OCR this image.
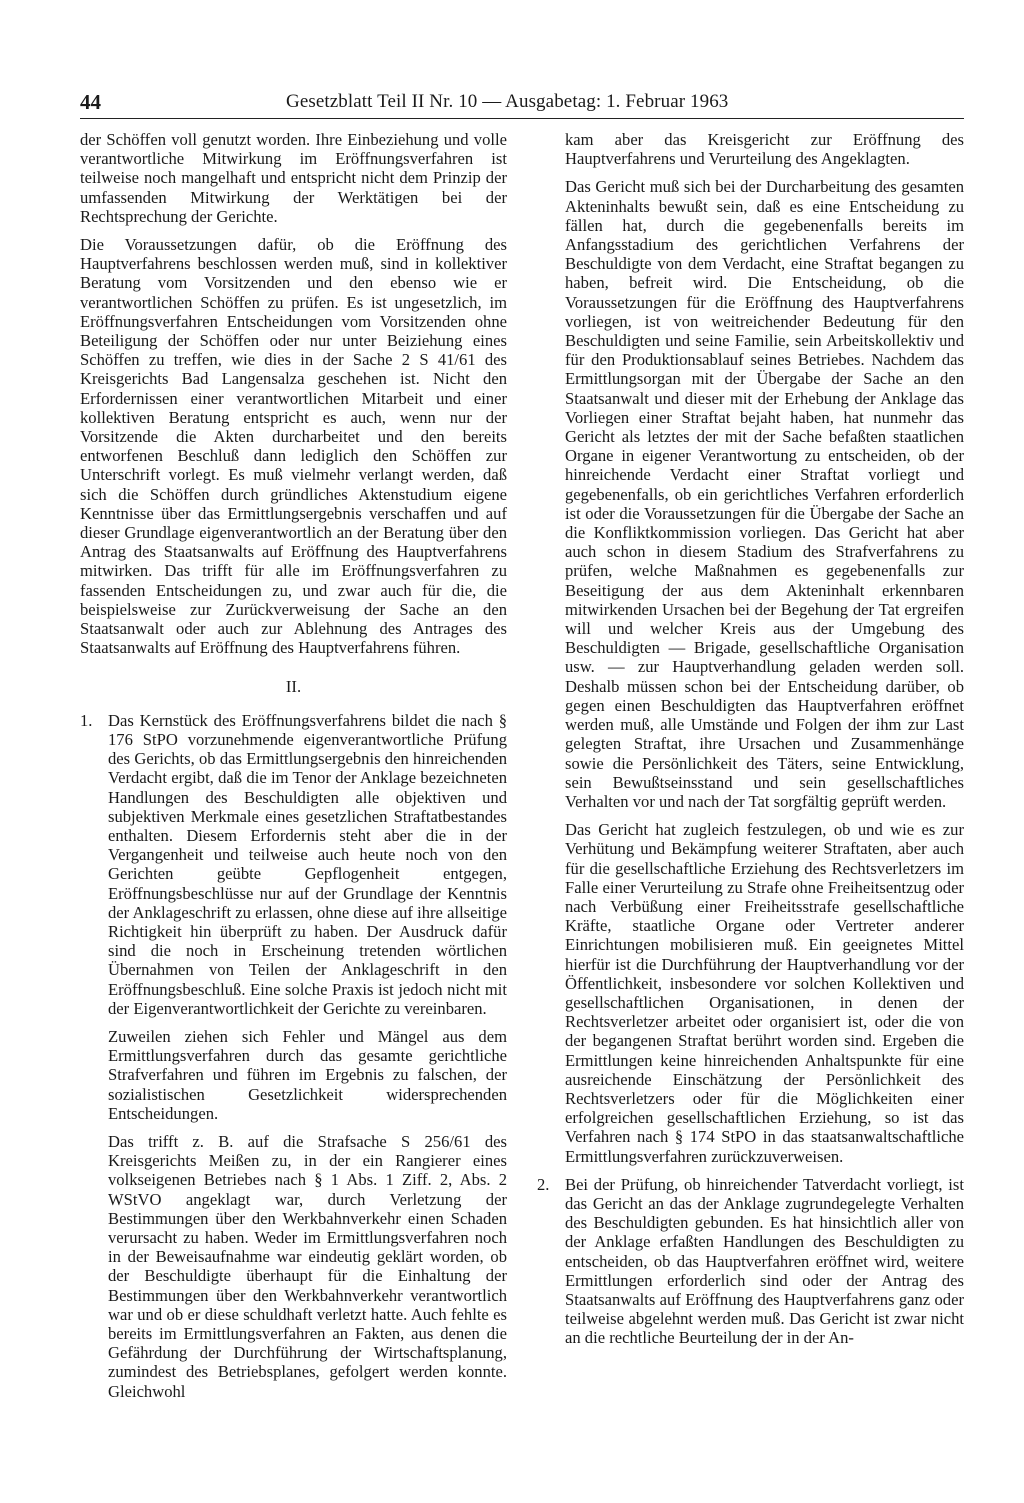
44	Gesetzblatt Teil II Nr. 10 — Ausgabetag: 1. Februar 1963

der Schöffen voll genutzt worden. Ihre Einbeziehung und volle verantwortliche Mitwirkung im Eröffnungsverfahren ist teilweise noch mangelhaft und entspricht nicht dem Prinzip der umfassenden Mitwirkung der Werktätigen bei der Rechtsprechung der Gerichte.

Die Voraussetzungen dafür, ob die Eröffnung des Hauptverfahrens beschlossen werden muß, sind in kollektiver Beratung vom Vorsitzenden und den ebenso wie er verantwortlichen Schöffen zu prüfen. Es ist ungesetzlich, im Eröffnungsverfahren Entscheidungen vom Vorsitzenden ohne Beteiligung der Schöffen oder nur unter Beiziehung eines Schöffen zu treffen, wie dies in der Sache 2 S 41/61 des Kreisgerichts Bad Langensalza geschehen ist. Nicht den Erfordernissen einer verantwortlichen Mitarbeit und einer kollektiven Beratung entspricht es auch, wenn nur der Vorsitzende die Akten durcharbeitet und den bereits entworfenen Beschluß dann lediglich den Schöffen zur Unterschrift vorlegt. Es muß vielmehr verlangt werden, daß sich die Schöffen durch gründliches Aktenstudium eigene Kenntnisse über das Ermittlungsergebnis verschaffen und auf dieser Grundlage eigenverantwortlich an der Beratung über den Antrag des Staatsanwalts auf Eröffnung des Hauptverfahrens mitwirken. Das trifft für alle im Eröffnungsverfahren zu fassenden Entscheidungen zu, und zwar auch für die, die beispielsweise zur Zurückverweisung der Sache an den Staatsanwalt oder auch zur Ablehnung des Antrages des Staatsanwalts auf Eröffnung des Hauptverfahrens führen.

II.
1. Das Kernstück des Eröffnungsverfahrens bildet die nach § 176 StPO vorzunehmende eigenverantwortliche Prüfung des Gerichts, ob das Ermittlungsergebnis den hinreichenden Verdacht ergibt, daß die im Tenor der Anklage bezeichneten Handlungen des Beschuldigten alle objektiven und subjektiven Merkmale eines gesetzlichen Straftatbestandes enthalten. Diesem Erfordernis steht aber die in der Vergangenheit und teilweise auch heute noch von den Gerichten geübte Gepflogenheit entgegen, Eröffnungsbeschlüsse nur auf der Grundlage der Kenntnis der Anklageschrift zu erlassen, ohne diese auf ihre allseitige Richtigkeit hin überprüft zu haben. Der Ausdruck dafür sind die noch in Erscheinung tretenden wörtlichen Übernahmen von Teilen der Anklageschrift in den Eröffnungsbeschluß. Eine solche Praxis ist jedoch nicht mit der Eigenverantwortlichkeit der Gerichte zu vereinbaren.

Zuweilen ziehen sich Fehler und Mängel aus dem Ermittlungsverfahren durch das gesamte gerichtliche Strafverfahren und führen im Ergebnis zu falschen, der sozialistischen Gesetzlichkeit widersprechenden Entscheidungen.

Das trifft z. B. auf die Strafsache S 256/61 des Kreisgerichts Meißen zu, in der ein Rangierer eines volkseigenen Betriebes nach § 1 Abs. 1 Ziff. 2, Abs. 2 WStVO angeklagt war, durch Verletzung der Bestimmungen über den Werkbahnverkehr einen Schaden verursacht zu haben. Weder im Ermittlungsverfahren noch in der Beweisaufnahme war eindeutig geklärt worden, ob der Beschuldigte überhaupt für die Einhaltung der Bestimmungen über den Werkbahnverkehr verantwortlich war und ob er diese schuldhaft verletzt hatte. Auch fehlte es bereits im Ermittlungsverfahren an Fakten, aus denen die Gefährdung der Durchführung der Wirtschaftsplanung, zumindest des Betriebsplanes, gefolgert werden konnte. Gleichwohl

kam aber das Kreisgericht zur Eröffnung des Hauptverfahrens und Verurteilung des Angeklagten.

Das Gericht muß sich bei der Durcharbeitung des gesamten Akteninhalts bewußt sein, daß es eine Entscheidung zu fällen hat, durch die gegebenenfalls bereits im Anfangsstadium des gerichtlichen Verfahrens der Beschuldigte von dem Verdacht, eine Straftat begangen zu haben, befreit wird. Die Entscheidung, ob die Voraussetzungen für die Eröffnung des Hauptverfahrens vorliegen, ist von weitreichender Bedeutung für den Beschuldigten und seine Familie, sein Arbeitskollektiv und für den Produktionsablauf seines Betriebes. Nachdem das Ermittlungsorgan mit der Übergabe der Sache an den Staatsanwalt und dieser mit der Erhebung der Anklage das Vorliegen einer Straftat bejaht haben, hat nunmehr das Gericht als letztes der mit der Sache befaßten staatlichen Organe in eigener Verantwortung zu entscheiden, ob der hinreichende Verdacht einer Straftat vorliegt und gegebenenfalls, ob ein gerichtliches Verfahren erforderlich ist oder die Voraussetzungen für die Übergabe der Sache an die Konfliktkommission vorliegen. Das Gericht hat aber auch schon in diesem Stadium des Strafverfahrens zu prüfen, welche Maßnahmen es gegebenenfalls zur Beseitigung der aus dem Akteninhalt erkennbaren mitwirkenden Ursachen bei der Begehung der Tat ergreifen will und welcher Kreis aus der Umgebung des Beschuldigten — Brigade, gesellschaftliche Organisation usw. — zur Hauptverhandlung geladen werden soll. Deshalb müssen schon bei der Entscheidung darüber, ob gegen einen Beschuldigten das Hauptverfahren eröffnet werden muß, alle Umstände und Folgen der ihm zur Last gelegten Straftat, ihre Ursachen und Zusammenhänge sowie die Persönlichkeit des Täters, seine Entwicklung, sein Bewußtseinsstand und sein gesellschaftliches Verhalten vor und nach der Tat sorgfältig geprüft werden.

Das Gericht hat zugleich festzulegen, ob und wie es zur Verhütung und Bekämpfung weiterer Straftaten, aber auch für die gesellschaftliche Erziehung des Rechtsverletzers im Falle einer Verurteilung zu Strafe ohne Freiheitsentzug oder nach Verbüßung einer Freiheitsstrafe gesellschaftliche Kräfte, staatliche Organe oder Vertreter anderer Einrichtungen mobilisieren muß. Ein geeignetes Mittel hierfür ist die Durchführung der Hauptverhandlung vor der Öffentlichkeit, insbesondere vor solchen Kollektiven und gesellschaftlichen Organisationen, in denen der Rechtsverletzer arbeitet oder organisiert ist, oder die von der begangenen Straftat berührt worden sind. Ergeben die Ermittlungen keine hinreichenden Anhaltspunkte für eine ausreichende Einschätzung der Persönlichkeit des Rechtsverletzers oder für die Möglichkeiten einer erfolgreichen gesellschaftlichen Erziehung, so ist das Verfahren nach § 174 StPO in das staatsanwaltschaftliche Ermittlungsverfahren zurückzuverweisen.

2. Bei der Prüfung, ob hinreichender Tatverdacht vorliegt, ist das Gericht an das der Anklage zugrundegelegte Verhalten des Beschuldigten gebunden. Es hat hinsichtlich aller von der Anklage erfaßten Handlungen des Beschuldigten zu entscheiden, ob das Hauptverfahren eröffnet wird, weitere Ermittlungen erforderlich sind oder der Antrag des Staatsanwalts auf Eröffnung des Hauptverfahrens ganz oder teilweise abgelehnt werden muß. Das Gericht ist zwar nicht an die rechtliche Beurteilung der in der An-
